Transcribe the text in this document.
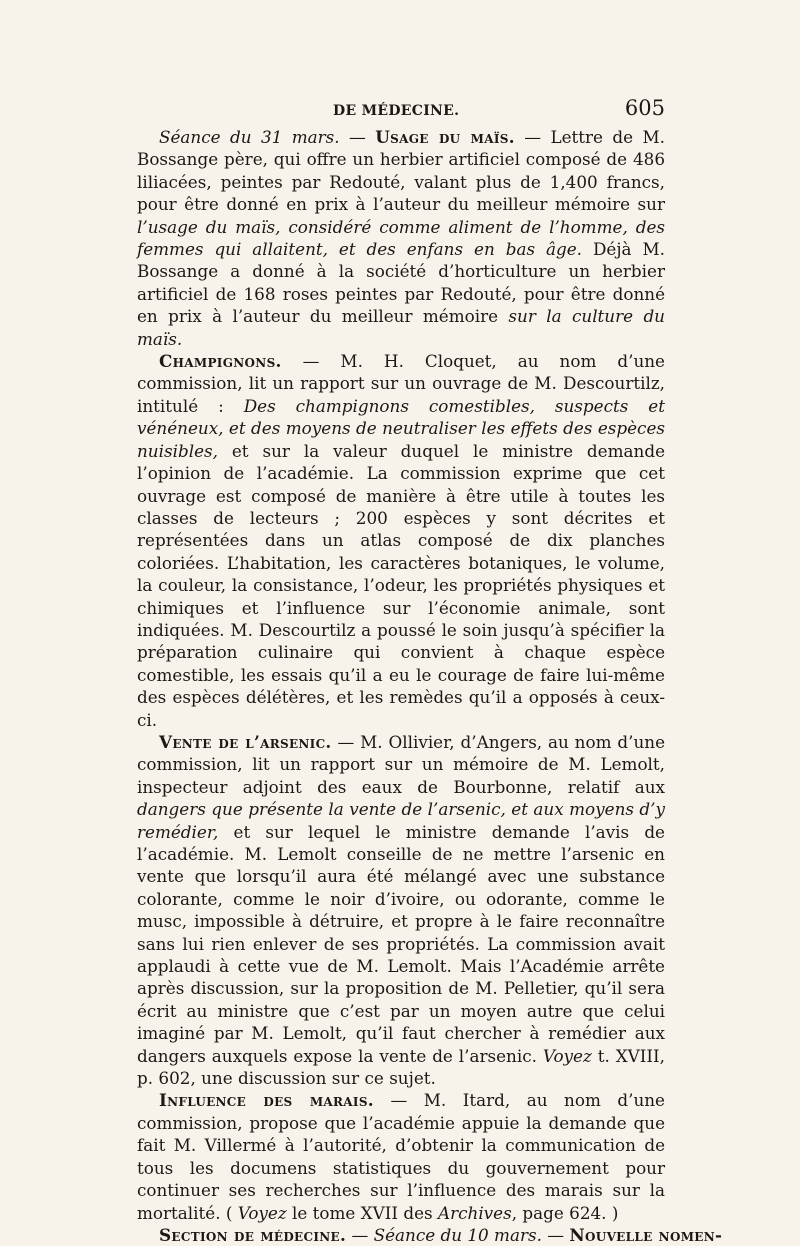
DE MÉDECINE.	605

Séance du 31 mars. — Usage du maïs. — Lettre de M. Bossange père, qui offre un herbier artificiel composé de 486 liliacées, peintes par Redouté, valant plus de 1,400 francs, pour être donné en prix à l’auteur du meilleur mémoire sur l’usage du maïs, considéré comme aliment de l’homme, des femmes qui allaitent, et des enfans en bas âge. Déjà M. Bossange a donné à la société d’horticulture un herbier artificiel de 168 roses peintes par Redouté, pour être donné en prix à l’auteur du meilleur mémoire sur la culture du maïs.

Champignons. — M. H. Cloquet, au nom d’une commission, lit un rapport sur un ouvrage de M. Descourtilz, intitulé : Des champignons comestibles, suspects et vénéneux, et des moyens de neutraliser les effets des espèces nuisibles, et sur la valeur duquel le ministre demande l’opinion de l’académie. La commission exprime que cet ouvrage est composé de manière à être utile à toutes les classes de lecteurs ; 200 espèces y sont décrites et représentées dans un atlas composé de dix planches coloriées. L’habitation, les caractères botaniques, le volume, la couleur, la consistance, l’odeur, les propriétés physiques et chimiques et l’influence sur l’économie animale, sont indiquées. M. Descourtilz a poussé le soin jusqu’à spécifier la préparation culinaire qui convient à chaque espèce comestible, les essais qu’il a eu le courage de faire lui-même des espèces délétères, et les remèdes qu’il a opposés à ceux-ci.

Vente de l’arsenic. — M. Ollivier, d’Angers, au nom d’une commission, lit un rapport sur un mémoire de M. Lemolt, inspecteur adjoint des eaux de Bourbonne, relatif aux dangers que présente la vente de l’arsenic, et aux moyens d’y remédier, et sur lequel le ministre demande l’avis de l’académie. M. Lemolt conseille de ne mettre l’arsenic en vente que lorsqu’il aura été mélangé avec une substance colorante, comme le noir d’ivoire, ou odorante, comme le musc, impossible à détruire, et propre à le faire reconnaître sans lui rien enlever de ses propriétés. La commission avait applaudi à cette vue de M. Lemolt. Mais l’Académie arrête après discussion, sur la proposition de M. Pelletier, qu’il sera écrit au ministre que c’est par un moyen autre que celui imaginé par M. Lemolt, qu’il faut chercher à remédier aux dangers auxquels expose la vente de l’arsenic. Voyez t. XVIII, p. 602, une discussion sur ce sujet.

Influence des marais. — M. Itard, au nom d’une commission, propose que l’académie appuie la demande que fait M. Villermé à l’autorité, d’obtenir la communication de tous les documens statistiques du gouvernement pour continuer ses recherches sur l’influence des marais sur la mortalité. ( Voyez le tome XVII des Archives, page 624. )

Section de médecine. — Séance du 10 mars. — Nouvelle nomen-
